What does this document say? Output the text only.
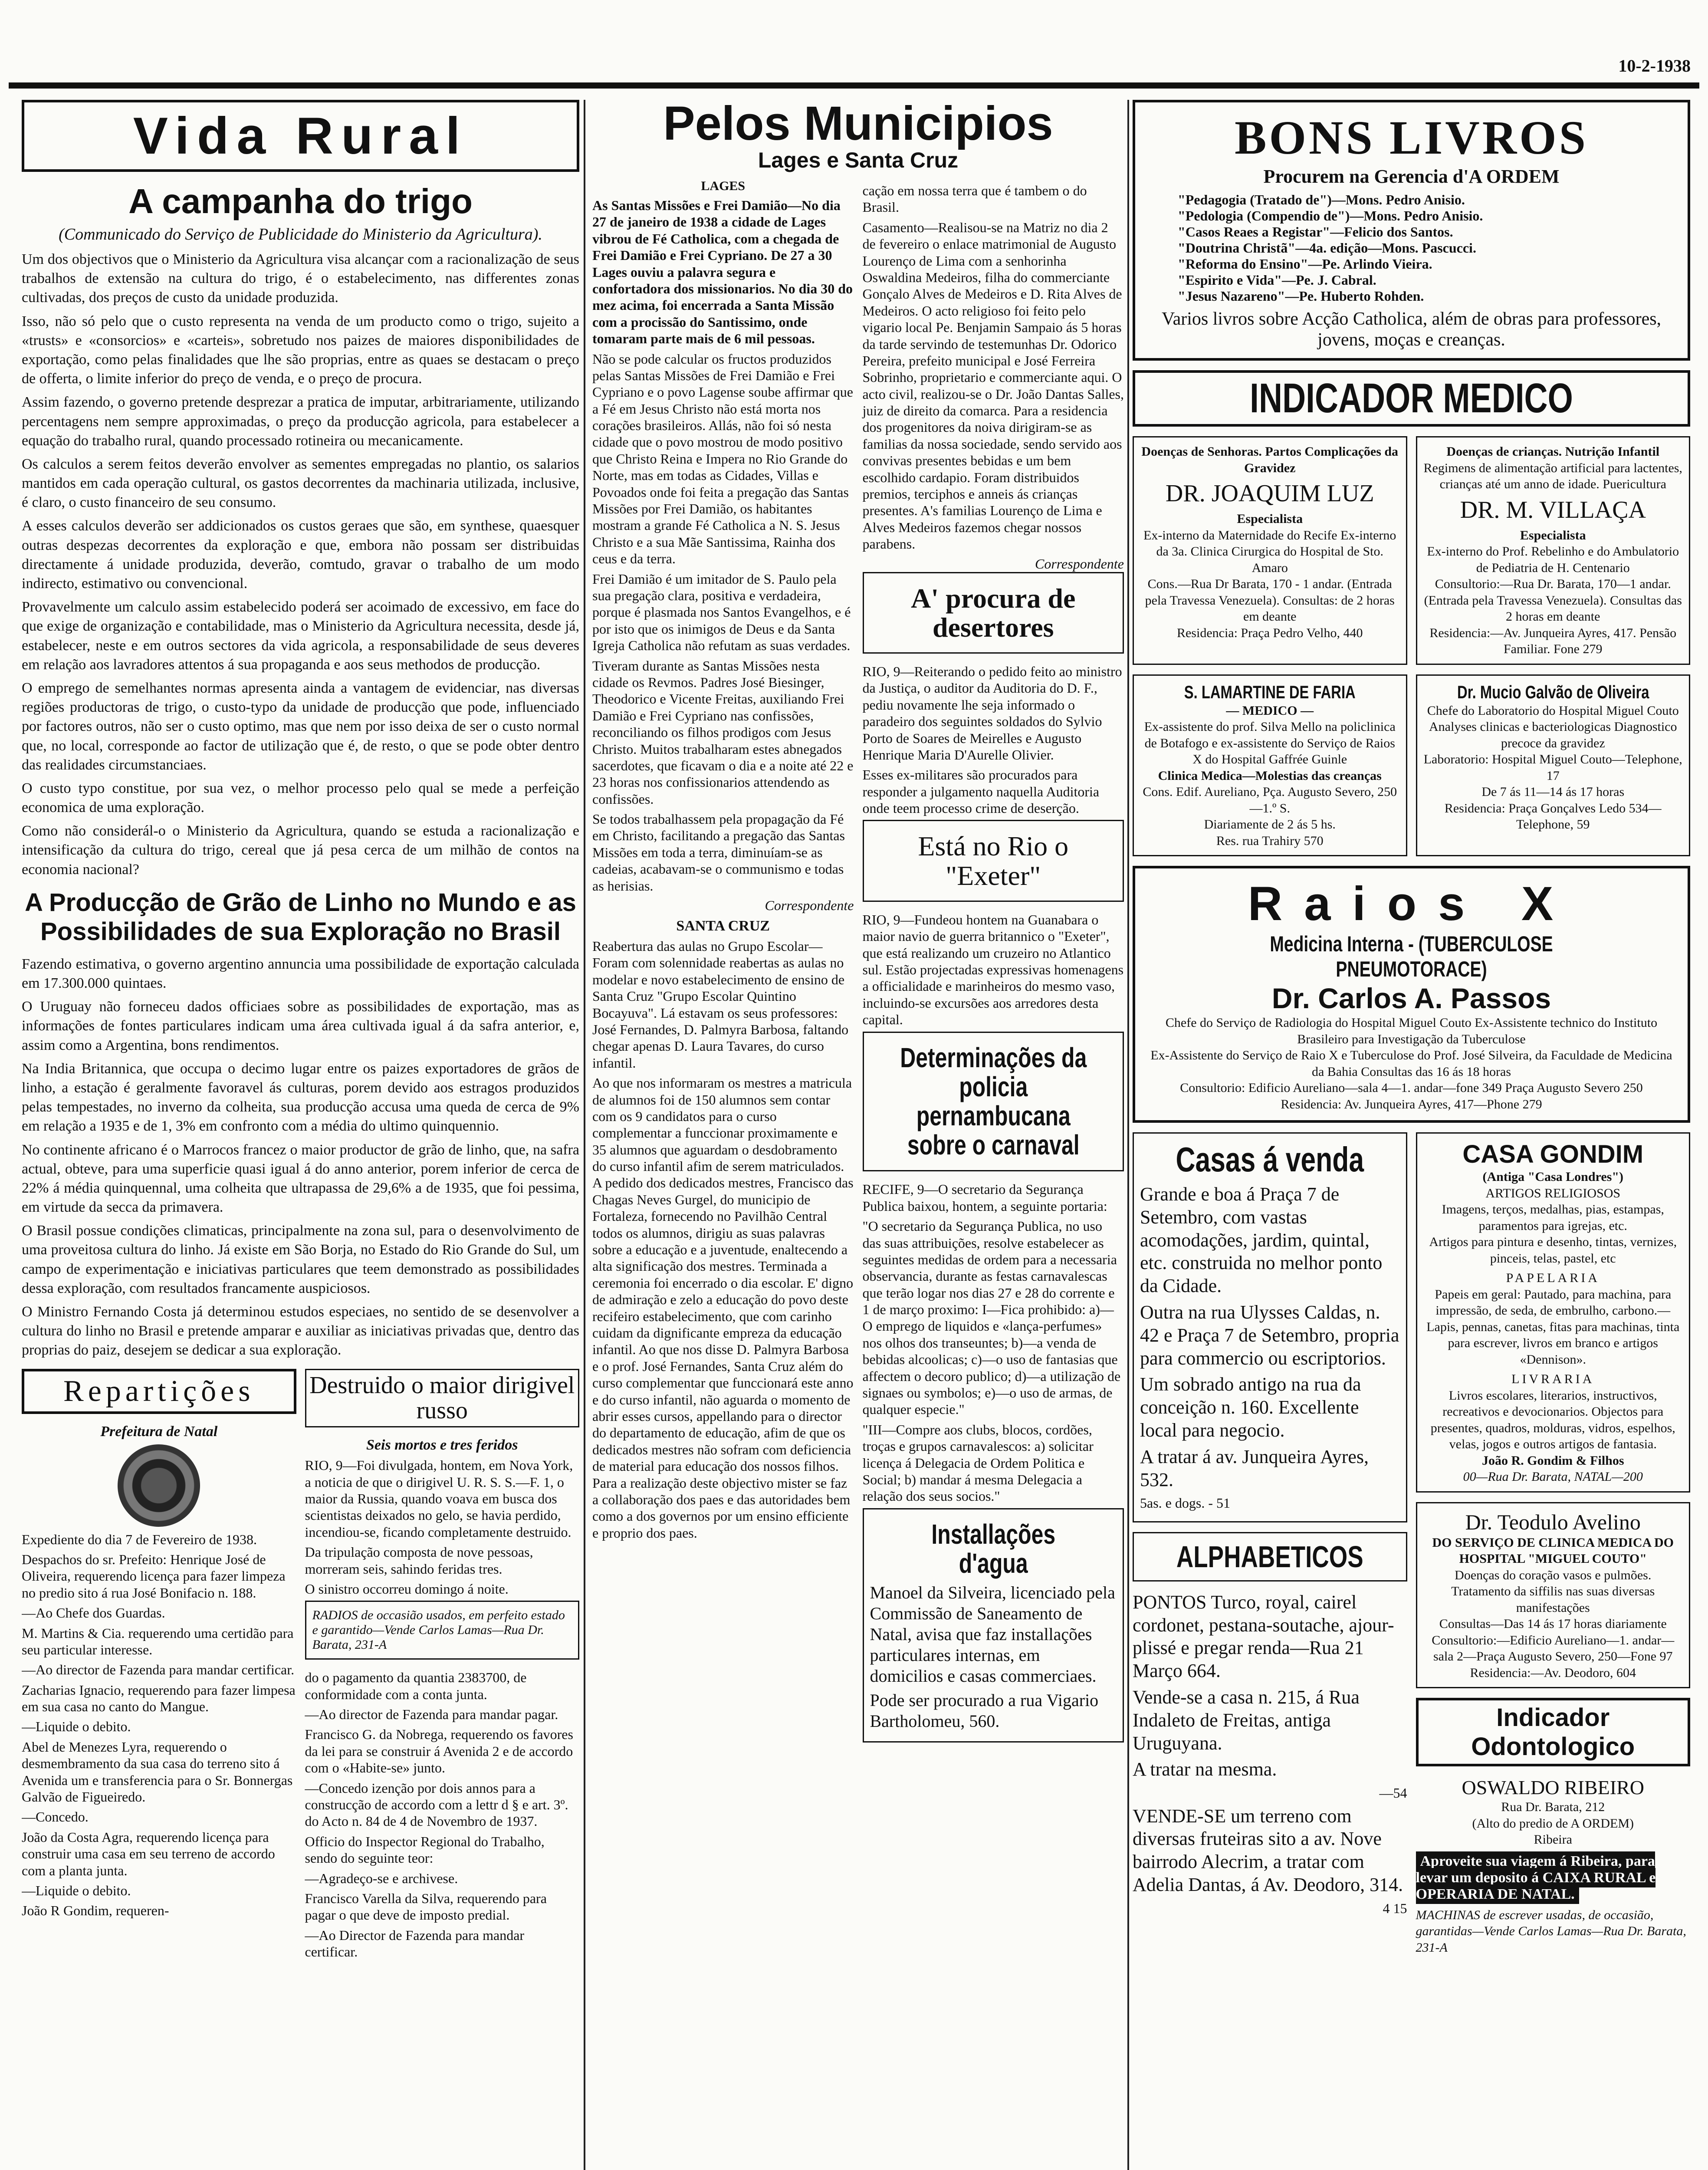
10-2-1938
Vida Rural
A campanha do trigo
(Communicado do Serviço de Publicidade do Ministerio da Agricultura).

Um dos objectivos que o Ministerio da Agricultura visa alcançar com a racionalização de seus trabalhos de extensão na cultura do trigo, é o estabelecimento, nas differentes zonas cultivadas, dos preços de custo da unidade produzida.

Isso, não só pelo que o custo representa na venda de um producto como o trigo, sujeito a «trusts» e «consorcios» e «carteis», sobretudo nos paizes de maiores disponibilidades de exportação, como pelas finalidades que lhe são proprias, entre as quaes se destacam o preço de offerta, o limite inferior do preço de venda, e o preço de procura.

Assim fazendo, o governo pretende desprezar a pratica de imputar, arbitrariamente, utilizando percentagens nem sempre approximadas, o preço da producção agricola, para estabelecer a equação do trabalho rural, quando processado rotineira ou mecanicamente.

Os calculos a serem feitos deverão envolver as sementes empregadas no plantio, os salarios mantidos em cada operação cultural, os gastos decorrentes da machinaria utilizada, inclusive, é claro, o custo financeiro de seu consumo.

A esses calculos deverão ser addicionados os custos geraes que são, em synthese, quaesquer outras despezas decorrentes da exploração e que, embora não possam ser distribuidas directamente á unidade produzida, deverão, comtudo, gravar o trabalho de um modo indirecto, estimativo ou convencional.

Provavelmente um calculo assim estabelecido poderá ser acoimado de excessivo, em face do que exige de organização e contabilidade, mas o Ministerio da Agricultura necessita, desde já, estabelecer, neste e em outros sectores da vida agricola, a responsabilidade de seus deveres em relação aos lavradores attentos á sua propaganda e aos seus methodos de producção.

O emprego de semelhantes normas apresenta ainda a vantagem de evidenciar, nas diversas regiões productoras de trigo, o custo-typo da unidade de producção que pode, influenciado por factores outros, não ser o custo optimo, mas que nem por isso deixa de ser o custo normal que, no local, corresponde ao factor de utilização que é, de resto, o que se pode obter dentro das realidades circumstanciaes.

O custo typo constitue, por sua vez, o melhor processo pelo qual se mede a perfeição economica de uma exploração.

Como não considerál-o o Ministerio da Agricultura, quando se estuda a racionalização e intensificação da cultura do trigo, cereal que já pesa cerca de um milhão de contos na economia nacional?

A Producção de Grão de Linho no Mundo e as Possibilidades de sua Exploração no Brasil

Fazendo estimativa, o governo argentino annuncia uma possibilidade de exportação calculada em 17.300.000 quintaes.

O Uruguay não forneceu dados officiaes sobre as possibilidades de exportação, mas as informações de fontes particulares indicam uma área cultivada igual á da safra anterior, e, assim como a Argentina, bons rendimentos.

Na India Britannica, que occupa o decimo lugar entre os paizes exportadores de grãos de linho, a estação é geralmente favoravel ás culturas, porem devido aos estragos produzidos pelas tempestades, no inverno da colheita, sua producção accusa uma queda de cerca de 9% em relação a 1935 e de 1, 3% em confronto com a média do ultimo quinquennio.

No continente africano é o Marrocos francez o maior productor de grão de linho, que, na safra actual, obteve, para uma superficie quasi igual á do anno anterior, porem inferior de cerca de 22% á média quinquennal, uma colheita que ultrapassa de 29,6% a de 1935, que foi pessima, em virtude da secca da primavera.

O Brasil possue condições climaticas, principalmente na zona sul, para o desenvolvimento de uma proveitosa cultura do linho. Já existe em São Borja, no Estado do Rio Grande do Sul, um campo de experimentação e iniciativas particulares que teem demonstrado as possibilidades dessa exploração, com resultados francamente auspiciosos.

O Ministro Fernando Costa já determinou estudos especiaes, no sentido de se desenvolver a cultura do linho no Brasil e pretende amparar e auxiliar as iniciativas privadas que, dentro das proprias do paiz, desejem se dedicar a sua exploração.

Repartições
Prefeitura de Natal

Expediente do dia 7 de Fevereiro de 1938.

Despachos do sr. Prefeito: Henrique José de Oliveira, requerendo licença para fazer limpeza no predio sito á rua José Bonifacio n. 188.

—Ao Chefe dos Guardas.

M. Martins & Cia. requerendo uma certidão para seu particular interesse.

—Ao director de Fazenda para mandar certificar.

Zacharias Ignacio, requerendo para fazer limpesa em sua casa no canto do Mangue.

—Liquide o debito.

Abel de Menezes Lyra, requerendo o desmembramento da sua casa do terreno sito á Avenida um e transferencia para o Sr. Bonnergas Galvão de Figueiredo.

—Concedo.

João da Costa Agra, requerendo licença para construir uma casa em seu terreno de accordo com a planta junta.

—Liquide o debito.

João R Gondim, requeren-

Destruido o maior dirigivel russo
Seis mortos e tres feridos

RIO, 9—Foi divulgada, hontem, em Nova York, a noticia de que o dirigivel U. R. S. S.—F. 1, o maior da Russia, quando voava em busca dos scientistas deixados no gelo, se havia perdido, incendiou-se, ficando completamente destruido.

Da tripulação composta de nove pessoas, morreram seis, sahindo feridas tres.

O sinistro occorreu domingo á noite.

RADIOS de occasião usados, em perfeito estado e garantido—Vende Carlos Lamas—Rua Dr. Barata, 231-A

do o pagamento da quantia 2383700, de conformidade com a conta junta.

—Ao director de Fazenda para mandar pagar.

Francisco G. da Nobrega, requerendo os favores da lei para se construir á Avenida 2 e de accordo com o «Habite-se» junto.

—Concedo izenção por dois annos para a construcção de accordo com a lettr d § e art. 3º. do Acto n. 84 de 4 de Novembro de 1937.

Officio do Inspector Regional do Trabalho, sendo do seguinte teor:

—Agradeço-se e archivese.

Francisco Varella da Silva, requerendo para pagar o que deve de imposto predial.

—Ao Director de Fazenda para mandar certificar.

Pelos Municipios
Lages e Santa Cruz
LAGES

As Santas Missões e Frei Damião—No dia 27 de janeiro de 1938 a cidade de Lages vibrou de Fé Catholica, com a chegada de Frei Damião e Frei Cypriano. De 27 a 30 Lages ouviu a palavra segura e confortadora dos missionarios. No dia 30 do mez acima, foi encerrada a Santa Missão com a procissão do Santissimo, onde tomaram parte mais de 6 mil pessoas.

Não se pode calcular os fructos produzidos pelas Santas Missões de Frei Damião e Frei Cypriano e o povo Lagense soube affirmar que a Fé em Jesus Christo não está morta nos corações brasileiros. Allás, não foi só nesta cidade que o povo mostrou de modo positivo que Christo Reina e Impera no Rio Grande do Norte, mas em todas as Cidades, Villas e Povoados onde foi feita a pregação das Santas Missões por Frei Damião, os habitantes mostram a grande Fé Catholica a N. S. Jesus Christo e a sua Mãe Santissima, Rainha dos ceus e da terra.

Frei Damião é um imitador de S. Paulo pela sua pregação clara, positiva e verdadeira, porque é plasmada nos Santos Evangelhos, e é por isto que os inimigos de Deus e da Santa Igreja Catholica não refutam as suas verdades.

Tiveram durante as Santas Missões nesta cidade os Revmos. Padres José Biesinger, Theodorico e Vicente Freitas, auxiliando Frei Damião e Frei Cypriano nas confissões, reconciliando os filhos prodigos com Jesus Christo. Muitos trabalharam estes abnegados sacerdotes, que ficavam o dia e a noite até 22 e 23 horas nos confissionarios attendendo as confissões.

Se todos trabalhassem pela propagação da Fé em Christo, facilitando a pregação das Santas Missões em toda a terra, diminuíam-se as cadeias, acabavam-se o communismo e todas as herisias.

Correspondente
SANTA CRUZ

Reabertura das aulas no Grupo Escolar—Foram com solennidade reabertas as aulas no modelar e novo estabelecimento de ensino de Santa Cruz "Grupo Escolar Quintino Bocayuva". Lá estavam os seus professores: José Fernandes, D. Palmyra Barbosa, faltando chegar apenas D. Laura Tavares, do curso infantil.

Ao que nos informaram os mestres a matricula de alumnos foi de 150 alumnos sem contar com os 9 candidatos para o curso complementar a funccionar proximamente e 35 alumnos que aguardam o desdobramento do curso infantil afim de serem matriculados. A pedido dos dedicados mestres, Francisco das Chagas Neves Gurgel, do municipio de Fortaleza, fornecendo no Pavilhão Central todos os alumnos, dirigiu as suas palavras sobre a educação e a juventude, enaltecendo a alta significação dos mestres. Terminada a ceremonia foi encerrado o dia escolar. E' digno de admiração e zelo a educação do povo deste recifeiro estabelecimento, que com carinho cuidam da dignificante empreza da educação infantil. Ao que nos disse D. Palmyra Barbosa e o prof. José Fernandes, Santa Cruz além do curso complementar que funccionará este anno e do curso infantil, não aguarda o momento de abrir esses cursos, appellando para o director do departamento de educação, afim de que os dedicados mestres não sofram com deficiencia de material para educação dos nossos filhos. Para a realização deste objectivo mister se faz a collaboração dos paes e das autoridades bem como a dos governos por um ensino efficiente e proprio dos paes.

cação em nossa terra que é tambem o do Brasil.

Casamento—Realisou-se na Matriz no dia 2 de fevereiro o enlace matrimonial de Augusto Lourenço de Lima com a senhorinha Oswaldina Medeiros, filha do commerciante Gonçalo Alves de Medeiros e D. Rita Alves de Medeiros. O acto religioso foi feito pelo vigario local Pe. Benjamin Sampaio ás 5 horas da tarde servindo de testemunhas Dr. Odorico Pereira, prefeito municipal e José Ferreira Sobrinho, proprietario e commerciante aqui. O acto civil, realizou-se o Dr. João Dantas Salles, juiz de direito da comarca. Para a residencia dos progenitores da noiva dirigiram-se as familias da nossa sociedade, sendo servido aos convivas presentes bebidas e um bem escolhido cardapio. Foram distribuidos premios, terciphos e anneis ás crianças presentes. A's familias Lourenço de Lima e Alves Medeiros fazemos chegar nossos parabens.

Correspondente
A' procura de desertores

RIO, 9—Reiterando o pedido feito ao ministro da Justiça, o auditor da Auditoria do D. F., pediu novamente lhe seja informado o paradeiro dos seguintes soldados do Sylvio Porto de Soares de Meirelles e Augusto Henrique Maria D'Aurelle Olivier.

Esses ex-militares são procurados para responder a julgamento naquella Auditoria onde teem processo crime de deserção.

Está no Rio o "Exeter"

RIO, 9—Fundeou hontem na Guanabara o maior navio de guerra britannico o "Exeter", que está realizando um cruzeiro no Atlantico sul. Estão projectadas expressivas homenagens a officialidade e marinheiros do mesmo vaso, incluindo-se excursões aos arredores desta capital.

Determinações da policia pernambucana sobre o carnaval

RECIFE, 9—O secretario da Segurança Publica baixou, hontem, a seguinte portaria:

"O secretario da Segurança Publica, no uso das suas attribuições, resolve estabelecer as seguintes medidas de ordem para a necessaria observancia, durante as festas carnavalescas que terão logar nos dias 27 e 28 do corrente e 1 de março proximo: I—Fica prohibido: a)—O emprego de liquidos e «lança-perfumes» nos olhos dos transeuntes; b)—a venda de bebidas alcoolicas; c)—o uso de fantasias que affectem o decoro publico; d)—a utilização de signaes ou symbolos; e)—o uso de armas, de qualquer especie."

"III—Compre aos clubs, blocos, cordões, troças e grupos carnavalescos: a) solicitar licença á Delegacia de Ordem Politica e Social; b) mandar á mesma Delegacia a relação dos seus socios."

Installações d'agua

Manoel da Silveira, licenciado pela Commissão de Saneamento de Natal, avisa que faz installações particulares internas, em domicilios e casas commerciaes.

Pode ser procurado a rua Vigario Bartholomeu, 560.

BONS LIVROS
Procurem na Gerencia d'A ORDEM
"Pedagogia (Tratado de")—Mons. Pedro Anisio.
"Pedologia (Compendio de")—Mons. Pedro Anisio.
"Casos Reaes a Registar"—Felicio dos Santos.
"Doutrina Christã"—4a. edição—Mons. Pascucci.
"Reforma do Ensino"—Pe. Arlindo Vieira.
"Espirito e Vida"—Pe. J. Cabral.
"Jesus Nazareno"—Pe. Huberto Rohden.
Varios livros sobre Acção Catholica, além de obras para professores, jovens, moças e creanças.
INDICADOR MEDICO
Doenças de Senhoras. Partos Complicações da Gravidez
DR. JOAQUIM LUZ
Especialista
Ex-interno da Maternidade do Recife Ex-interno da 3a. Clinica Cirurgica do Hospital de Sto. Amaro
Cons.—Rua Dr Barata, 170 - 1 andar. (Entrada pela Travessa Venezuela). Consultas: de 2 horas em deante
Residencia: Praça Pedro Velho, 440
Doenças de crianças. Nutrição Infantil
Regimens de alimentação artificial para lactentes, crianças até um anno de idade. Puericultura
DR. M. VILLAÇA
Especialista
Ex-interno do Prof. Rebelinho e do Ambulatorio de Pediatria de H. Centenario
Consultorio:—Rua Dr. Barata, 170—1 andar. (Entrada pela Travessa Venezuela). Consultas das 2 horas em deante
Residencia:—Av. Junqueira Ayres, 417. Pensão Familiar. Fone 279
S. LAMARTINE DE FARIA
— MEDICO —
Ex-assistente do prof. Silva Mello na policlinica de Botafogo e ex-assistente do Serviço de Raios X do Hospital Gaffrée Guinle
Clinica Medica—Molestias das creanças
Cons. Edif. Aureliano, Pça. Augusto Severo, 250—1.º S.
Diariamente de 2 ás 5 hs.
Res. rua Trahiry 570
Dr. Mucio Galvão de Oliveira
Chefe do Laboratorio do Hospital Miguel Couto
Analyses clinicas e bacteriologicas Diagnostico precoce da gravidez
Laboratorio: Hospital Miguel Couto—Telephone, 17
De 7 ás 11—14 ás 17 horas
Residencia: Praça Gonçalves Ledo 534—Telephone, 59
Raios X
Medicina Interna - (TUBERCULOSE PNEUMOTORACE)
Dr. Carlos A. Passos
Chefe do Serviço de Radiologia do Hospital Miguel Couto Ex-Assistente technico do Instituto Brasileiro para Investigação da Tuberculose
Ex-Assistente do Serviço de Raio X e Tuberculose do Prof. José Silveira, da Faculdade de Medicina da Bahia Consultas das 16 ás 18 horas
Consultorio: Edificio Aureliano—sala 4—1. andar—fone 349 Praça Augusto Severo 250
Residencia: Av. Junqueira Ayres, 417—Phone 279
Casas á venda

Grande e boa á Praça 7 de Setembro, com vastas acomodações, jardim, quintal, etc. construida no melhor ponto da Cidade.

Outra na rua Ulysses Caldas, n. 42 e Praça 7 de Setembro, propria para commercio ou escriptorios.

Um sobrado antigo na rua da conceição n. 160. Excellente local para negocio.

A tratar á av. Junqueira Ayres, 532.

5as. e dogs. - 51

ALPHABETICOS

PONTOS Turco, royal, cairel cordonet, pestana-soutache, ajour-plissé e pregar renda—Rua 21 Março 664.

Vende-se a casa n. 215, á Rua Indaleto de Freitas, antiga Uruguyana.

A tratar na mesma.

—54

VENDE-SE um terreno com diversas fruteiras sito a av. Nove bairrodo Alecrim, a tratar com Adelia Dantas, á Av. Deodoro, 314.

4 15

CASA GONDIM
(Antiga "Casa Londres")
ARTIGOS RELIGIOSOS
Imagens, terços, medalhas, pias, estampas, paramentos para igrejas, etc.
Artigos para pintura e desenho, tintas, vernizes, pinceis, telas, pastel, etc
PAPELARIA
Papeis em geral: Pautado, para machina, para impressão, de seda, de embrulho, carbono.—Lapis, pennas, canetas, fitas para machinas, tinta para escrever, livros em branco e artigos «Dennison».
LIVRARIA
Livros escolares, literarios, instructivos, recreativos e devocionarios. Objectos para presentes, quadros, molduras, vidros, espelhos, velas, jogos e outros artigos de fantasia.
João R. Gondim & Filhos
00—Rua Dr. Barata, NATAL—200
Dr. Teodulo Avelino
DO SERVIÇO DE CLINICA MEDICA DO HOSPITAL "MIGUEL COUTO"
Doenças do coração vasos e pulmões.
Tratamento da siffilis nas suas diversas manifestações
Consultas—Das 14 ás 17 horas diariamente
Consultorio:—Edificio Aureliano—1. andar—sala 2—Praça Augusto Severo, 250—Fone 97
Residencia:—Av. Deodoro, 604
Indicador
Odontologico
OSWALDO RIBEIRO
Rua Dr. Barata, 212
(Alto do predio de A ORDEM)
Ribeira
Aproveite sua viagem á Ribeira, para levar um deposito á CAIXA RURAL e OPERARIA DE NATAL.
MACHINAS de escrever usadas, de occasião, garantidas—Vende Carlos Lamas—Rua Dr. Barata, 231-A
